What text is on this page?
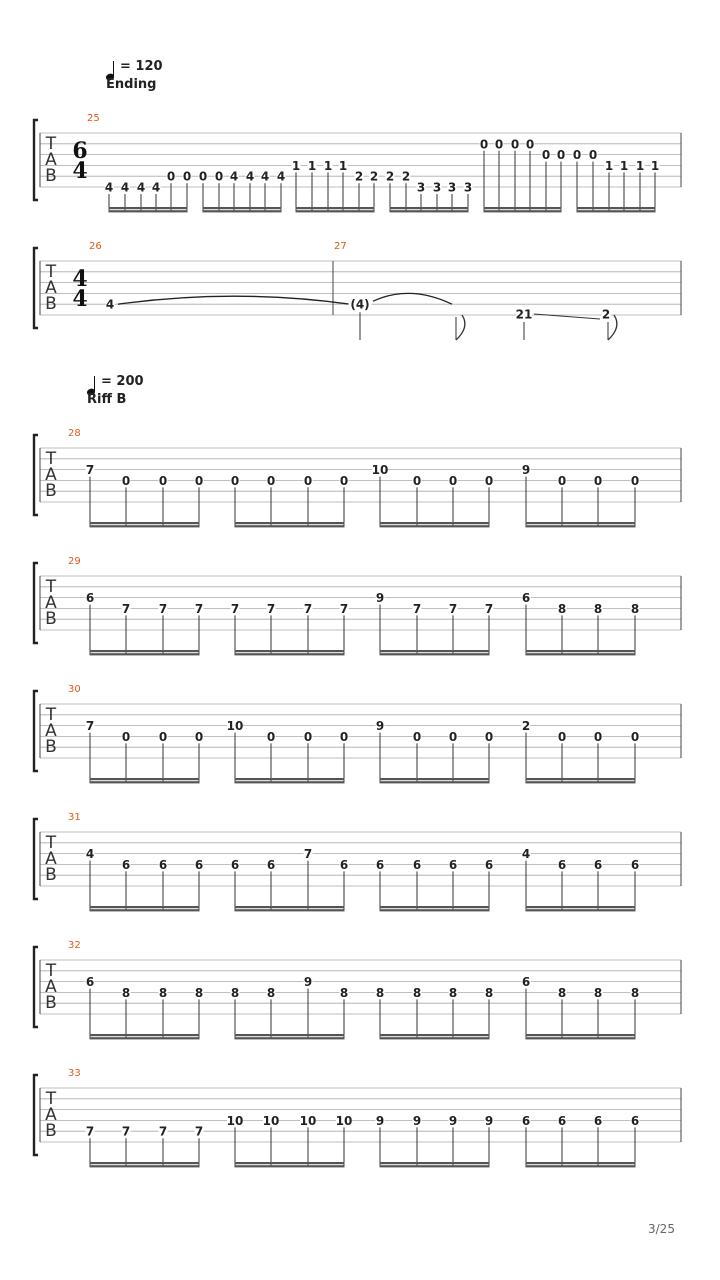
= 120
Ending
T
A
B
6
4
25
4 4 4 4
0 0 0 0 4 4 4 4
1 1 1 1
2 2 2 2
3 3 3 3
0 0 0 0
0 0 0 0
1 1 1 1
T
A
B
4
4
26	27
4	(4)
21	2
= 200
Riff B
T
A
B
28
7
0 0 0 0 0 0 0
10
0 0 0
9
0 0 0
T
A
B
29
6
7 7 7 7 7 7 7
9
7 7 7
6
8 8 8
T
A
B
30
7
0 0 0
10
0 0 0
9
0 0 0
2
0 0 0
T
A
B
31
4
6 6 6 6 6
7
6 6 6 6 6
4
6 6 6
T
A
B
32
6
8 8 8 8 8
9
8 8 8 8 8
6
8 8 8
T
A
B
33
7 7 7 7
10 10 10 10 9 9 9 9 6 6 6 6
3/25
